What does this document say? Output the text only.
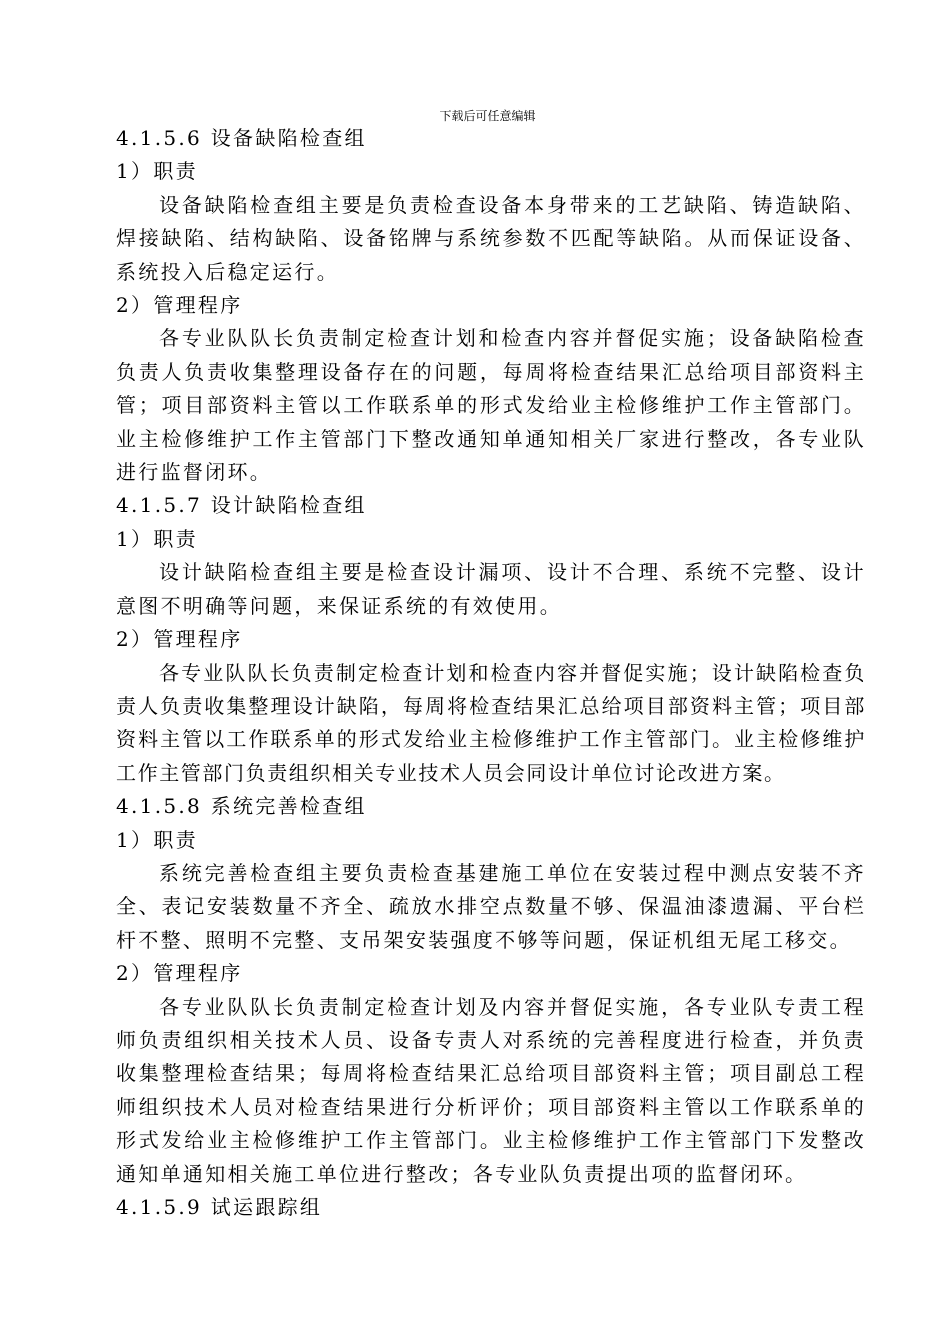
下载后可任意编辑
4.1.5.6 设备缺陷检查组
1）职责
设备缺陷检查组主要是负责检查设备本身带来的工艺缺陷、铸造缺陷、焊接缺陷、结构缺陷、设备铭牌与系统参数不匹配等缺陷。从而保证设备、系统投入后稳定运行。
2）管理程序
各专业队队长负责制定检查计划和检查内容并督促实施；设备缺陷检查负责人负责收集整理设备存在的问题，每周将检查结果汇总给项目部资料主管；项目部资料主管以工作联系单的形式发给业主检修维护工作主管部门。业主检修维护工作主管部门下整改通知单通知相关厂家进行整改，各专业队进行监督闭环。
4.1.5.7 设计缺陷检查组
1）职责
设计缺陷检查组主要是检查设计漏项、设计不合理、系统不完整、设计意图不明确等问题，来保证系统的有效使用。
2）管理程序
各专业队队长负责制定检查计划和检查内容并督促实施；设计缺陷检查负责人负责收集整理设计缺陷，每周将检查结果汇总给项目部资料主管；项目部资料主管以工作联系单的形式发给业主检修维护工作主管部门。业主检修维护工作主管部门负责组织相关专业技术人员会同设计单位讨论改进方案。
4.1.5.8 系统完善检查组
1）职责
系统完善检查组主要负责检查基建施工单位在安装过程中测点安装不齐全、表记安装数量不齐全、疏放水排空点数量不够、保温油漆遗漏、平台栏杆不整、照明不完整、支吊架安装强度不够等问题，保证机组无尾工移交。
2）管理程序
各专业队队长负责制定检查计划及内容并督促实施，各专业队专责工程师负责组织相关技术人员、设备专责人对系统的完善程度进行检查，并负责收集整理检查结果；每周将检查结果汇总给项目部资料主管；项目副总工程师组织技术人员对检查结果进行分析评价；项目部资料主管以工作联系单的形式发给业主检修维护工作主管部门。业主检修维护工作主管部门下发整改通知单通知相关施工单位进行整改；各专业队负责提出项的监督闭环。
4.1.5.9 试运跟踪组
